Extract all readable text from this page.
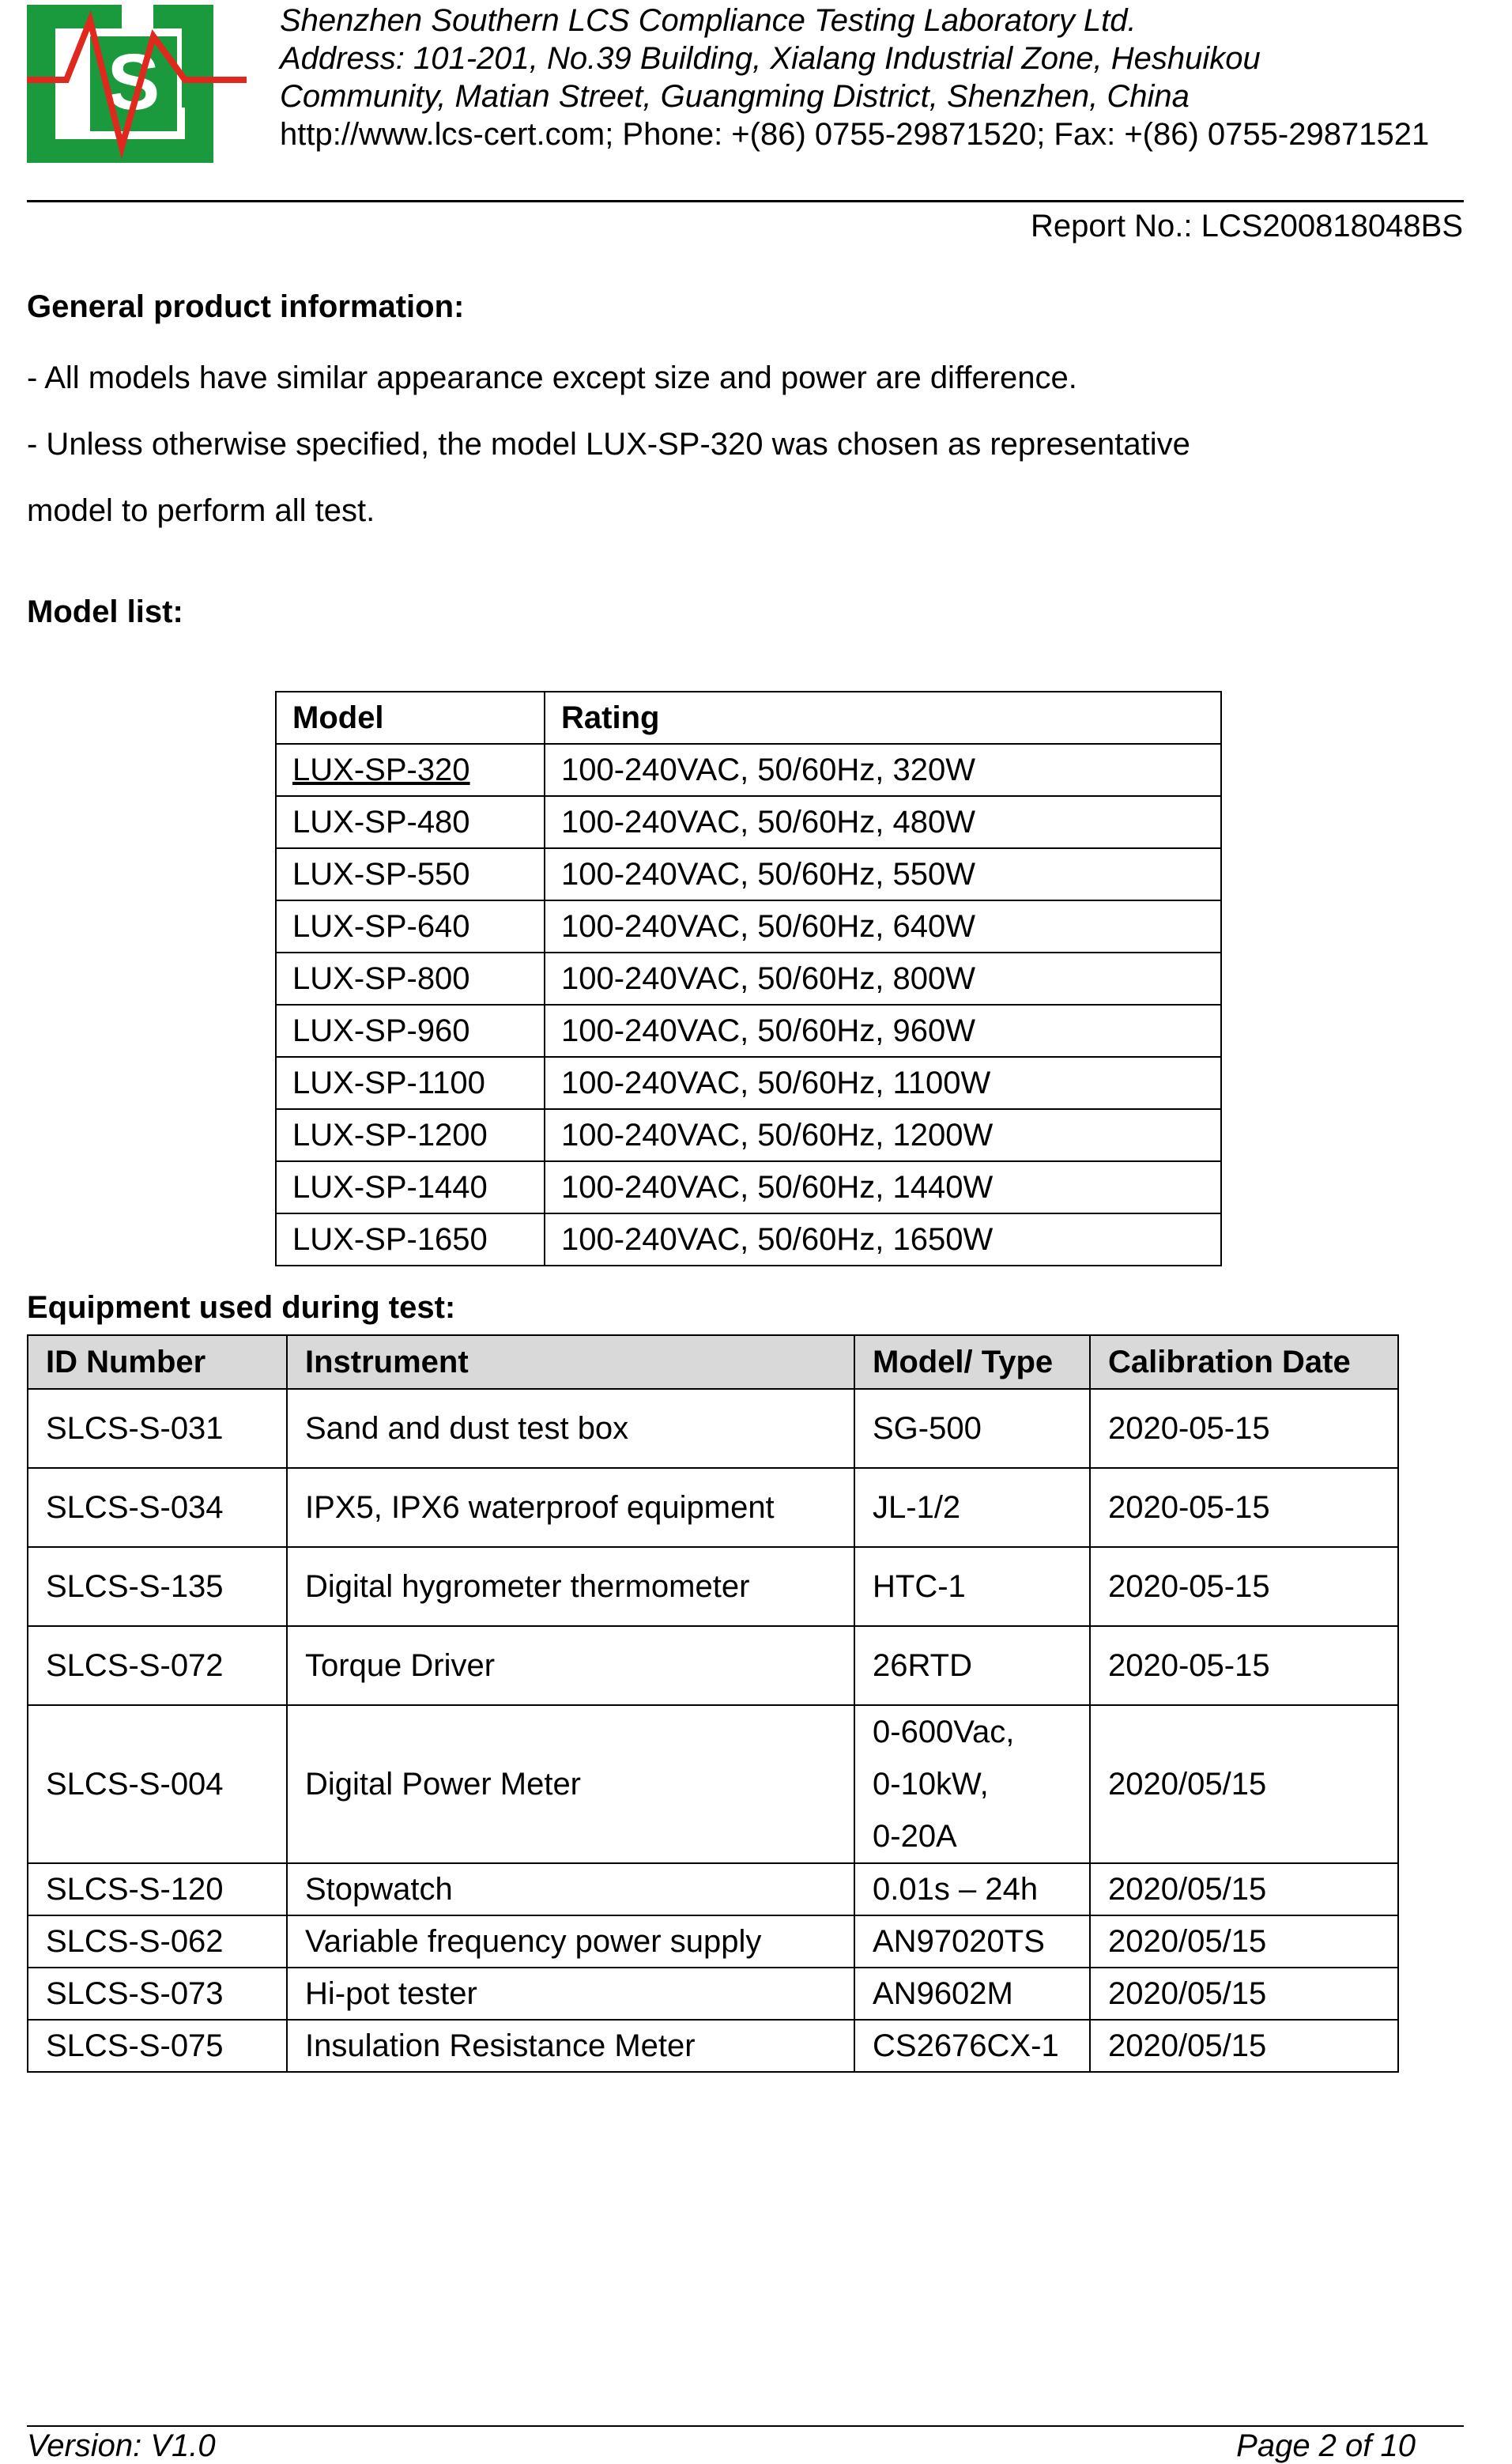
S
Shenzhen Southern LCS Compliance Testing Laboratory Ltd.
Address: 101-201, No.39 Building, Xialang Industrial Zone, Heshuikou
Community, Matian Street, Guangming District, Shenzhen, China
http://www.lcs-cert.com; Phone: +(86) 0755-29871520; Fax: +(86) 0755-29871521
Report No.: LCS200818048BS
General product information:
- All models have similar appearance except size and power are difference.
- Unless otherwise specified, the model LUX-SP-320 was chosen as representative
model to perform all test.
Model list:
Model	Rating
LUX-SP-320	100-240VAC, 50/60Hz, 320W
LUX-SP-480	100-240VAC, 50/60Hz, 480W
LUX-SP-550	100-240VAC, 50/60Hz, 550W
LUX-SP-640	100-240VAC, 50/60Hz, 640W
LUX-SP-800	100-240VAC, 50/60Hz, 800W
LUX-SP-960	100-240VAC, 50/60Hz, 960W
LUX-SP-1100	100-240VAC, 50/60Hz, 1100W
LUX-SP-1200	100-240VAC, 50/60Hz, 1200W
LUX-SP-1440	100-240VAC, 50/60Hz, 1440W
LUX-SP-1650	100-240VAC, 50/60Hz, 1650W
Equipment used during test:
ID Number	Instrument	Model/ Type	Calibration Date
SLCS-S-031	Sand and dust test box	SG-500	2020-05-15
SLCS-S-034	IPX5, IPX6 waterproof equipment	JL-1/2	2020-05-15
SLCS-S-135	Digital hygrometer thermometer	HTC-1	2020-05-15
SLCS-S-072	Torque Driver	26RTD	2020-05-15
SLCS-S-004	Digital Power Meter	0-600Vac,
0-10kW,
0-20A	2020/05/15
SLCS-S-120	Stopwatch	0.01s – 24h	2020/05/15
SLCS-S-062	Variable frequency power supply	AN97020TS	2020/05/15
SLCS-S-073	Hi-pot tester	AN9602M	2020/05/15
SLCS-S-075	Insulation Resistance Meter	CS2676CX-1	2020/05/15
Version: V1.0	Page 2 of 10
